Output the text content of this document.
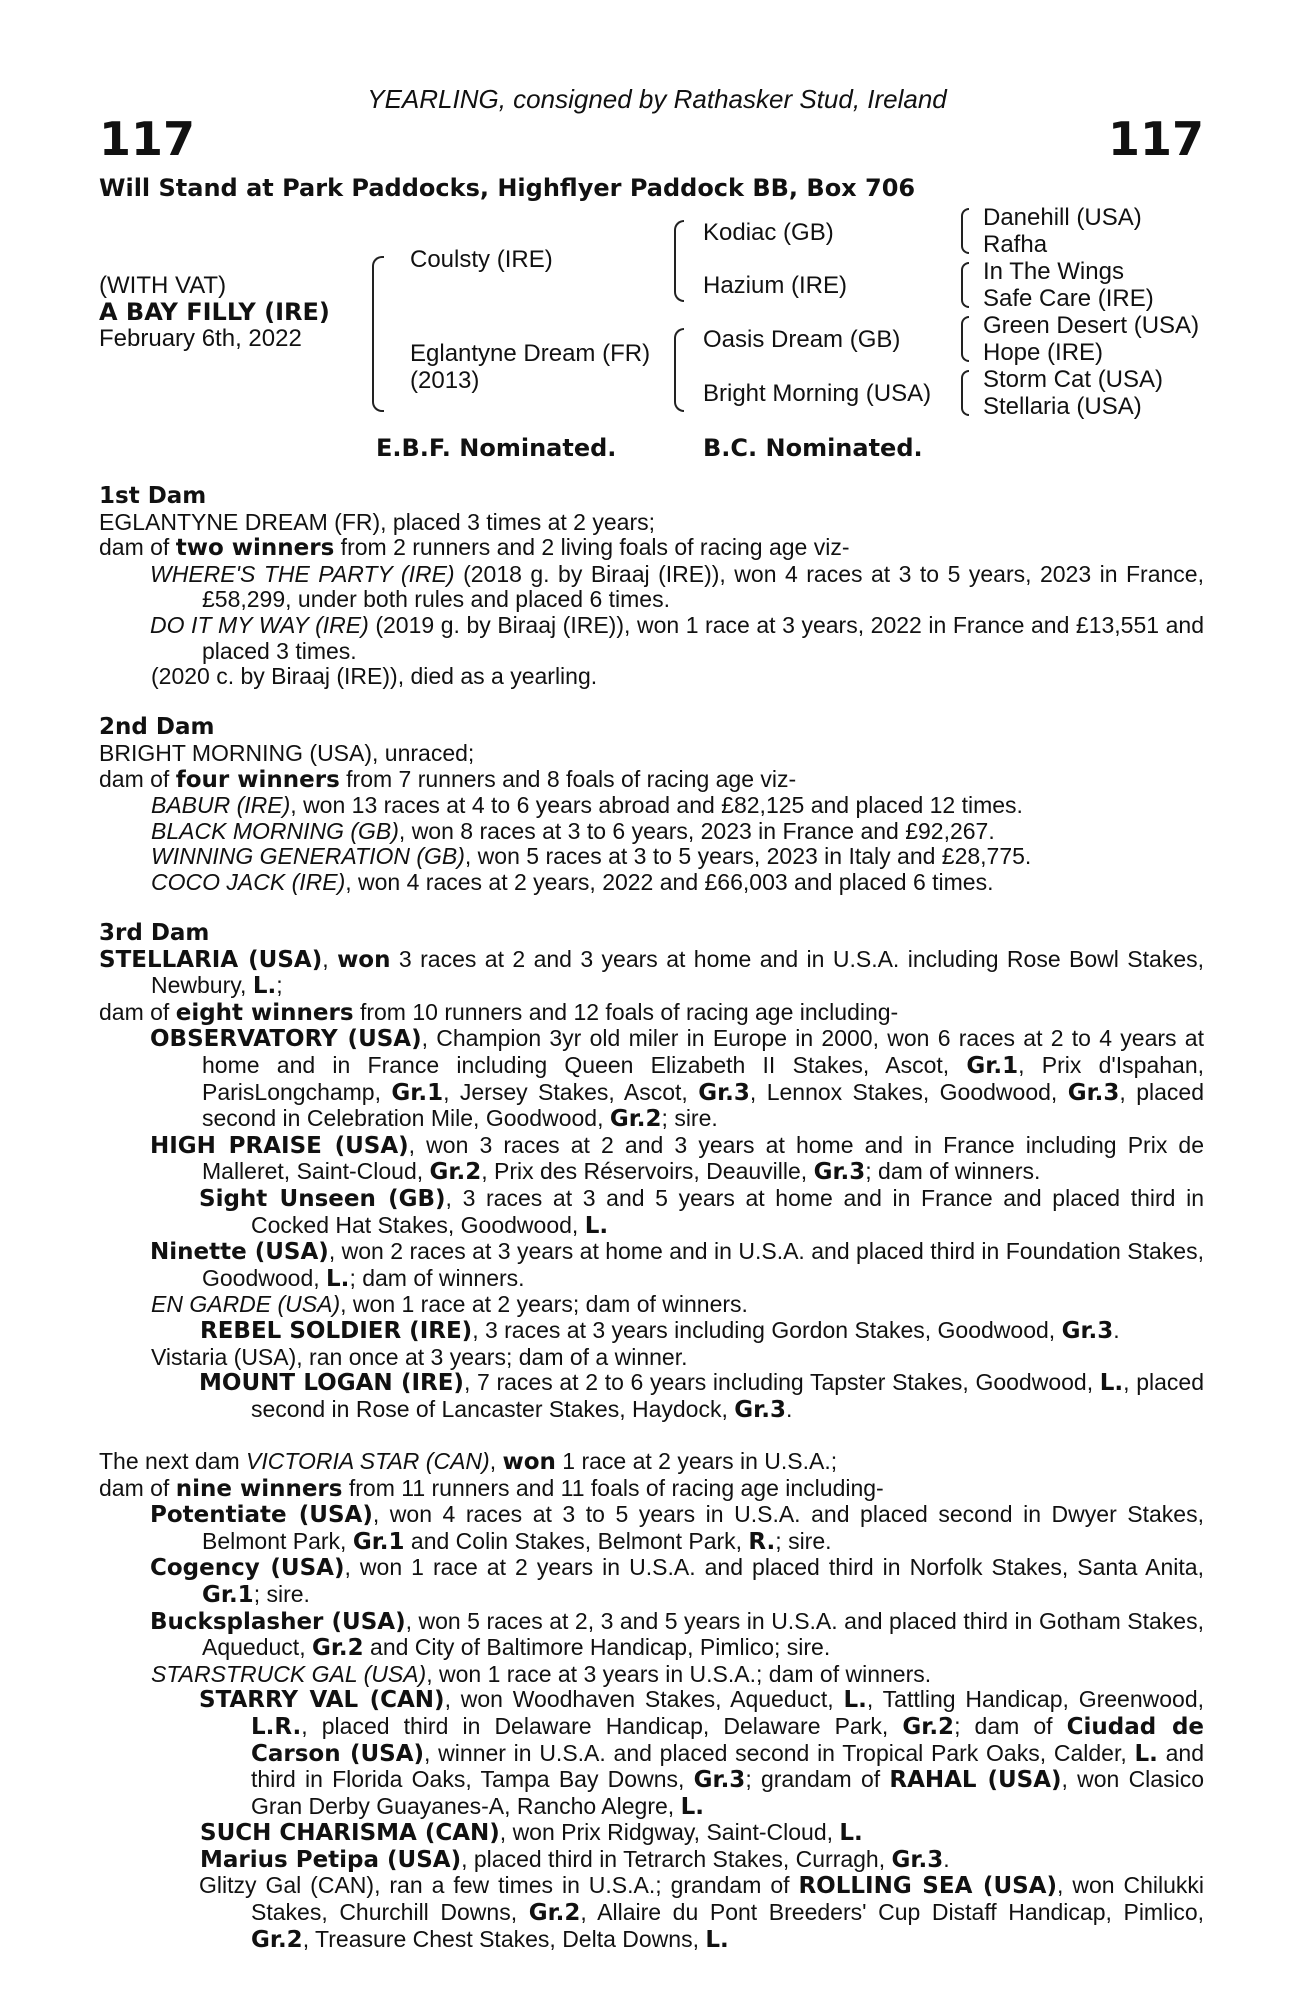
YEARLING, consigned by Rathasker Stud, Ireland
117	117
Will Stand at Park Paddocks, Highflyer Paddock BB, Box 706
(WITH VAT)
A BAY FILLY (IRE)
February 6th, 2022
Coulsty (IRE)
Eglantyne Dream (FR)
(2013)
Kodiac (GB)
Hazium (IRE)
Oasis Dream (GB)
Bright Morning (USA)
Danehill (USA)
Rafha
In The Wings
Safe Care (IRE)
Green Desert (USA)
Hope (IRE)
Storm Cat (USA)
Stellaria (USA)
E.B.F. Nominated.	B.C. Nominated.

1st Dam

EGLANTYNE DREAM (FR), placed 3 times at 2 years;

dam of two winners from 2 runners and 2 living foals of racing age viz-

WHERE'S THE PARTY (IRE) (2018 g. by Biraaj (IRE)), won 4 races at 3 to 5 years, 2023 in France, £58,299, under both rules and placed 6 times.

DO IT MY WAY (IRE) (2019 g. by Biraaj (IRE)), won 1 race at 3 years, 2022 in France and £13,551 and placed 3 times.

(2020 c. by Biraaj (IRE)), died as a yearling.

2nd Dam

BRIGHT MORNING (USA), unraced;

dam of four winners from 7 runners and 8 foals of racing age viz-

BABUR (IRE), won 13 races at 4 to 6 years abroad and £82,125 and placed 12 times.

BLACK MORNING (GB), won 8 races at 3 to 6 years, 2023 in France and £92,267.

WINNING GENERATION (GB), won 5 races at 3 to 5 years, 2023 in Italy and £28,775.

COCO JACK (IRE), won 4 races at 2 years, 2022 and £66,003 and placed 6 times.

3rd Dam

STELLARIA (USA), won 3 races at 2 and 3 years at home and in U.S.A. including Rose Bowl Stakes, Newbury, L.;

dam of eight winners from 10 runners and 12 foals of racing age including-

OBSERVATORY (USA), Champion 3yr old miler in Europe in 2000, won 6 races at 2 to 4 years at home and in France including Queen Elizabeth II Stakes, Ascot, Gr.1, Prix d'Ispahan, ParisLongchamp, Gr.1, Jersey Stakes, Ascot, Gr.3, Lennox Stakes, Goodwood, Gr.3, placed second in Celebration Mile, Goodwood, Gr.2; sire.

HIGH PRAISE (USA), won 3 races at 2 and 3 years at home and in France including Prix de Malleret, Saint-Cloud, Gr.2, Prix des Réservoirs, Deauville, Gr.3; dam of winners.

Sight Unseen (GB), 3 races at 3 and 5 years at home and in France and placed third in Cocked Hat Stakes, Goodwood, L.

Ninette (USA), won 2 races at 3 years at home and in U.S.A. and placed third in Foundation Stakes, Goodwood, L.; dam of winners.

EN GARDE (USA), won 1 race at 2 years; dam of winners.

REBEL SOLDIER (IRE), 3 races at 3 years including Gordon Stakes, Goodwood, Gr.3.

Vistaria (USA), ran once at 3 years; dam of a winner.

MOUNT LOGAN (IRE), 7 races at 2 to 6 years including Tapster Stakes, Goodwood, L., placed second in Rose of Lancaster Stakes, Haydock, Gr.3.

The next dam VICTORIA STAR (CAN), won 1 race at 2 years in U.S.A.;

dam of nine winners from 11 runners and 11 foals of racing age including-

Potentiate (USA), won 4 races at 3 to 5 years in U.S.A. and placed second in Dwyer Stakes, Belmont Park, Gr.1 and Colin Stakes, Belmont Park, R.; sire.

Cogency (USA), won 1 race at 2 years in U.S.A. and placed third in Norfolk Stakes, Santa Anita, Gr.1; sire.

Bucksplasher (USA), won 5 races at 2, 3 and 5 years in U.S.A. and placed third in Gotham Stakes, Aqueduct, Gr.2 and City of Baltimore Handicap, Pimlico; sire.

STARSTRUCK GAL (USA), won 1 race at 3 years in U.S.A.; dam of winners.

STARRY VAL (CAN), won Woodhaven Stakes, Aqueduct, L., Tattling Handicap, Greenwood, L.R., placed third in Delaware Handicap, Delaware Park, Gr.2; dam of Ciudad de Carson (USA), winner in U.S.A. and placed second in Tropical Park Oaks, Calder, L. and third in Florida Oaks, Tampa Bay Downs, Gr.3; grandam of RAHAL (USA), won Clasico Gran Derby Guayanes-A, Rancho Alegre, L.

SUCH CHARISMA (CAN), won Prix Ridgway, Saint-Cloud, L.

Marius Petipa (USA), placed third in Tetrarch Stakes, Curragh, Gr.3.

Glitzy Gal (CAN), ran a few times in U.S.A.; grandam of ROLLING SEA (USA), won Chilukki Stakes, Churchill Downs, Gr.2, Allaire du Pont Breeders' Cup Distaff Handicap, Pimlico, Gr.2, Treasure Chest Stakes, Delta Downs, L.
